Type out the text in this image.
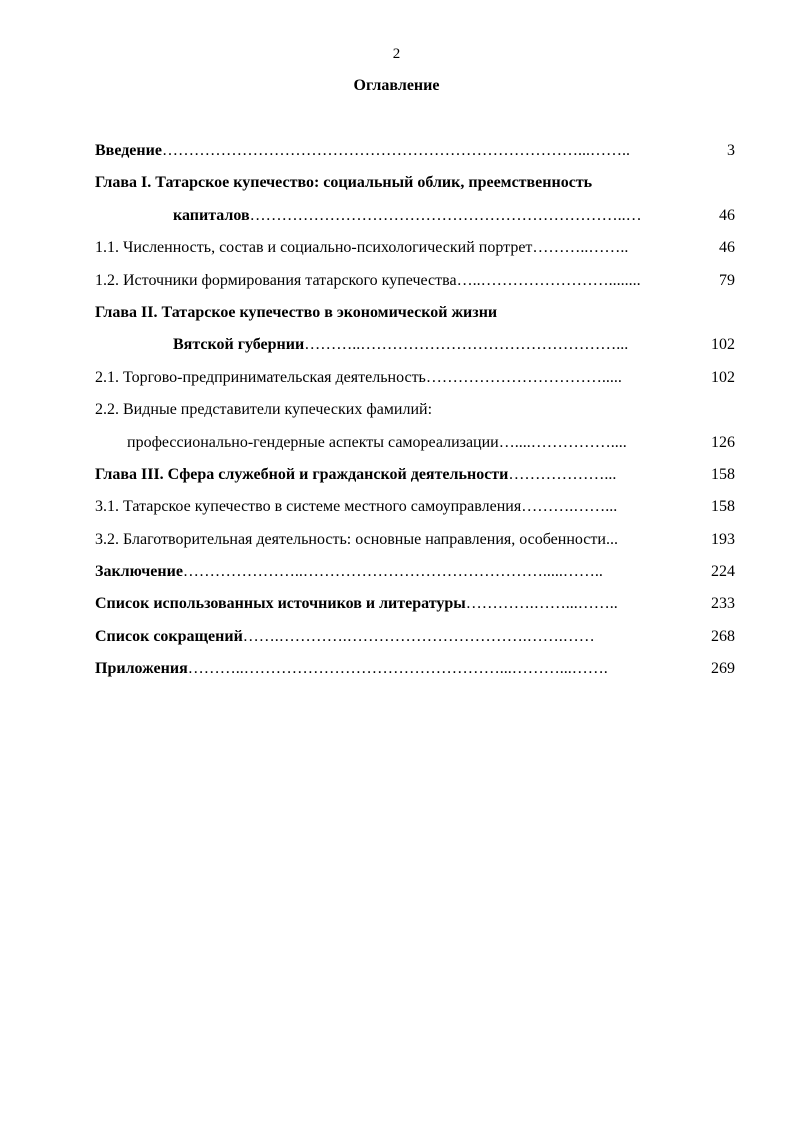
2
Оглавление
Введение ……………………………………………………………………...……..	3
Глава I. Татарское купечество: социальный облик, преемственность
капиталов ……………………………………………………………..…	46
1.1. Численность, состав и социально-психологический портрет ………..……..	46
1.2. Источники формирования татарского купечества …..……………………........	79
Глава II. Татарское купечество в экономической жизни
Вятской губернии ………..…………………………………………...	102
2.1. Торгово-предпринимательская деятельность …………………………….....	102
2.2. Видные представители купеческих фамилий:
профессионально-гендерные аспекты самореализации …....……………....	126
Глава III. Сфера служебной и гражданской деятельности ………………...	158
3.1. Татарское купечество в системе местного самоуправления ……….……...	158
3.2. Благотворительная деятельность: основные направления, особенности ...	193
Заключение …………………..……………………………………….....……..	224
Список использованных источников и литературы ………….……...……..	233
Список сокращений …….………….…………………………….…….……	268
Приложения ………..…………………………………………...………...…….	269
